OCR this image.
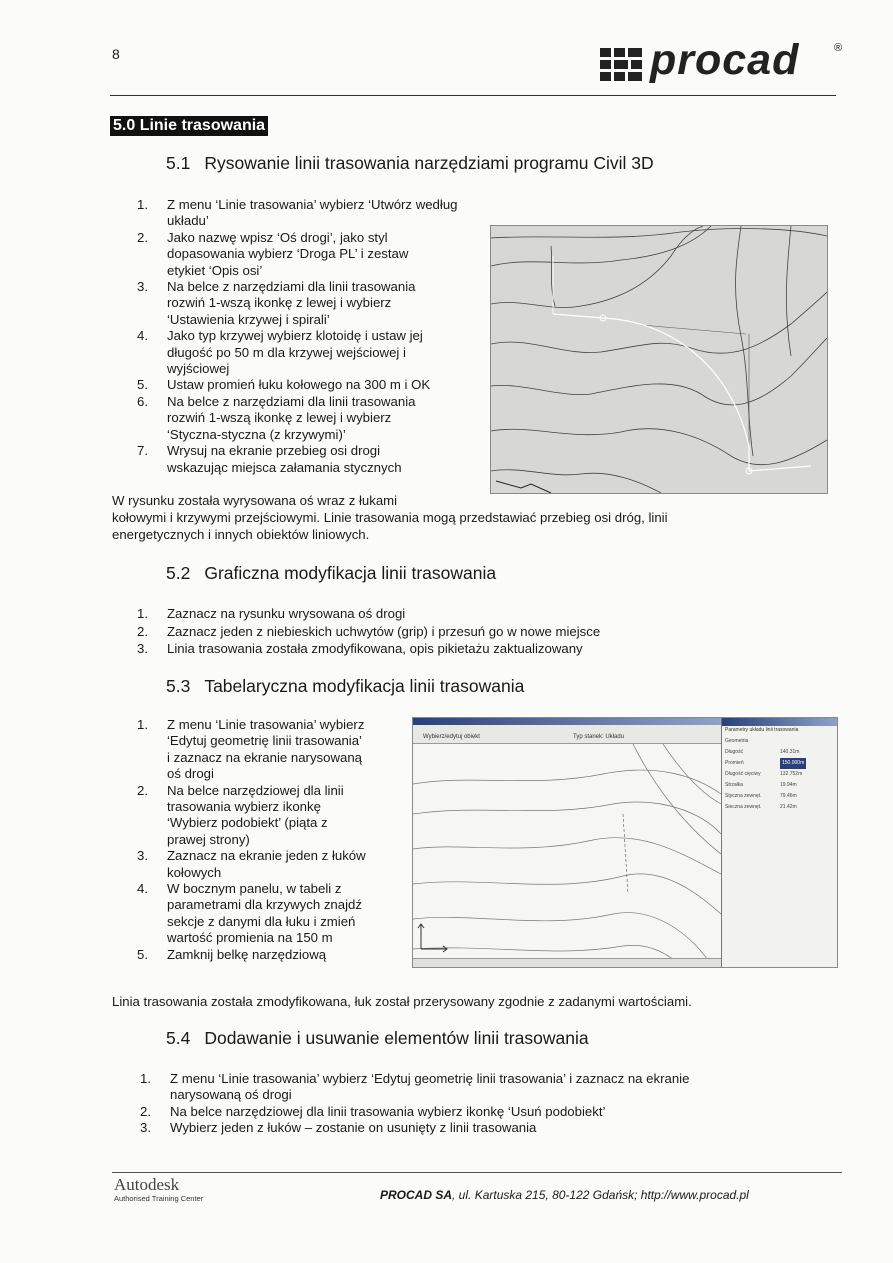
8	procad	®
5.0 Linie trasowania
5.1 Rysowanie linii trasowania narzędziami programu Civil 3D
1. Z menu ‘Linie trasowania’ wybierz ‘Utwórz według układu’
2. Jako nazwę wpisz ‘Oś drogi’, jako styl
dopasowania wybierz ‘Droga PL’ i zestaw
etykiet ‘Opis osi’
3. Na belce z narzędziami dla linii trasowania
rozwiń 1-wszą ikonkę z lewej i wybierz
‘Ustawienia krzywej i spirali’
4. Jako typ krzywej wybierz klotoidę i ustaw jej
długość po 50 m dla krzywej wejściowej i
wyjściowej
5. Ustaw promień łuku kołowego na 300 m i OK
6. Na belce z narzędziami dla linii trasowania
rozwiń 1-wszą ikonkę z lewej i wybierz
‘Styczna-styczna (z krzywymi)’
7. Wrysuj na ekranie przebieg osi drogi
wskazując miejsca załamania stycznych
W rysunku została wyrysowana oś wraz z łukami
kołowymi i krzywymi przejściowymi. Linie trasowania mogą przedstawiać przebieg osi dróg, linii
energetycznych i innych obiektów liniowych.
5.2 Graficzna modyfikacja linii trasowania
1. Zaznacz na rysunku wrysowana oś drogi
2. Zaznacz jeden z niebieskich uchwytów (grip) i przesuń go w nowe miejsce
3. Linia trasowania została zmodyfikowana, opis pikietażu zaktualizowany
5.3 Tabelaryczna modyfikacja linii trasowania
1. Z menu ‘Linie trasowania’ wybierz
‘Edytuj geometrię linii trasowania’
i zaznacz na ekranie narysowaną
oś drogi
2. Na belce narzędziowej dla linii
trasowania wybierz ikonkę
‘Wybierz podobiekt’ (piąta z
prawej strony)
3. Zaznacz na ekranie jeden z łuków
kołowych
4. W bocznym panelu, w tabeli z
parametrami dla krzywych znajdź
sekcje z danymi dla łuku i zmień
wartość promienia na 150 m
5. Zamknij belkę narzędziową
Wybierz/edytuj obiekt	Typ stanek: Układu
Parametry układu linii trasowania
Geometria
Długość	140.31m
Promień	150.000m
Długość cięciwy	132.752m
Strzałka	19.94m
Styczna zewnęt.	79.46m
Sieczna zewnęt.	21.42m
Linia trasowania została zmodyfikowana, łuk został przerysowany zgodnie z zadanymi wartościami.
5.4 Dodawanie i usuwanie elementów linii trasowania
1. Z menu ‘Linie trasowania’ wybierz ‘Edytuj geometrię linii trasowania’ i zaznacz na ekranie
narysowaną oś drogi
2. Na belce narzędziowej dla linii trasowania wybierz ikonkę ‘Usuń podobiekt’
3. Wybierz jeden z łuków – zostanie on usunięty z linii trasowania
Autodesk
Authorised Training Center	PROCAD SA, ul. Kartuska 215, 80-122 Gdańsk; http://www.procad.pl
